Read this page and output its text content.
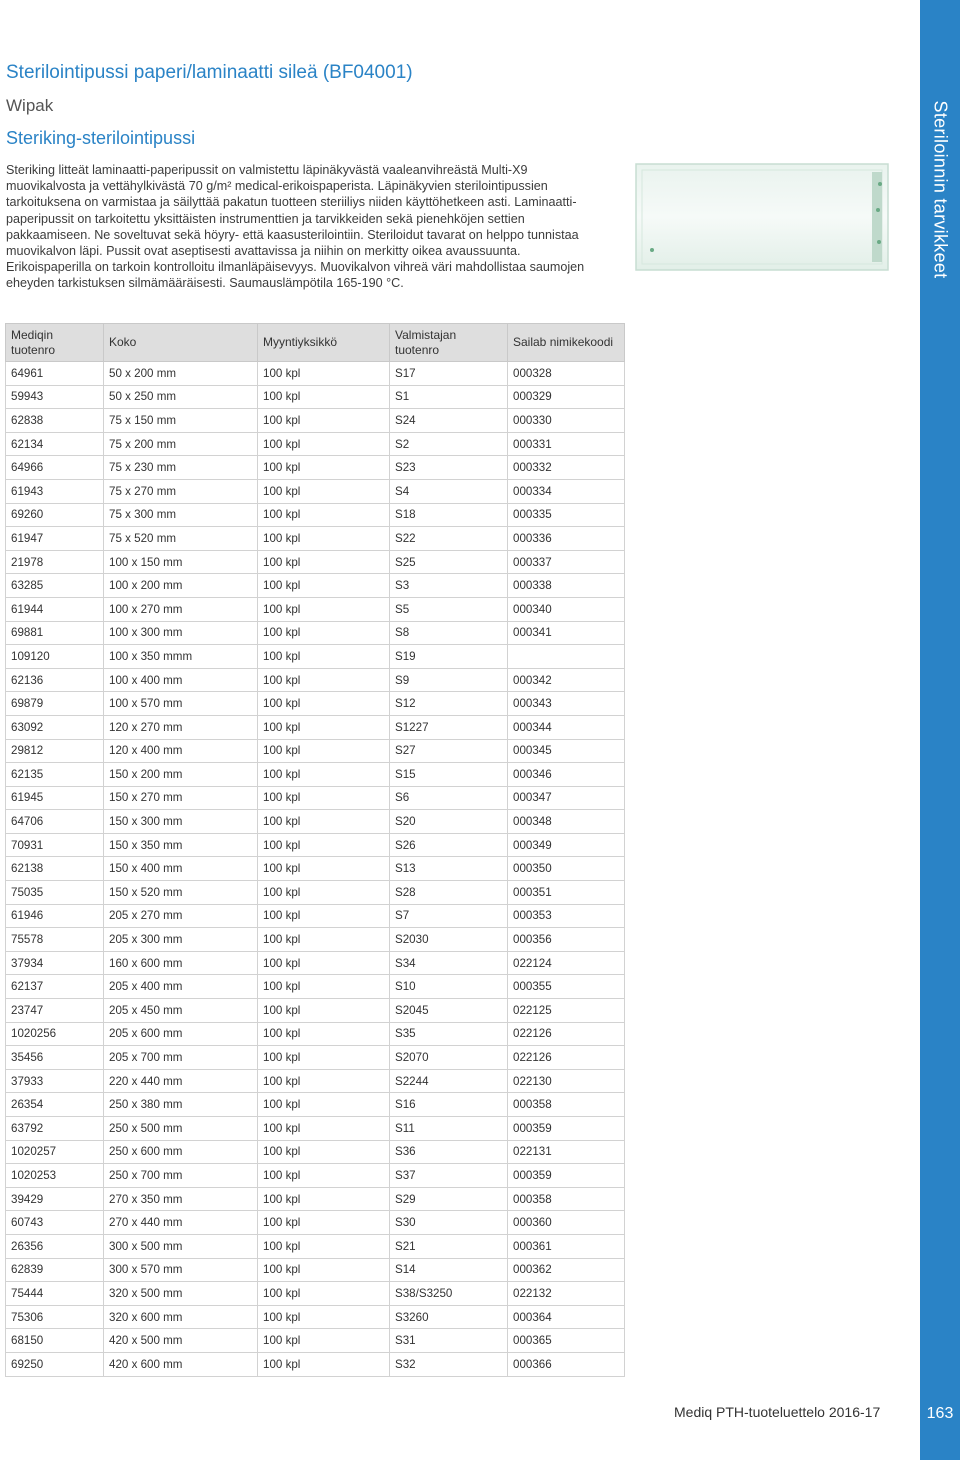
Steriloinnin tarvikkeet
Sterilointipussi paperi/laminaatti sileä (BF04001)
Wipak
Steriking-sterilointipussi

Steriking litteät laminaatti-paperipussit on valmistettu läpinäkyvästä vaaleanvihreästä Multi-X9 muovikalvosta ja vettähylkivästä 70 g/m² medical-erikoispaperista. Läpinäkyvien sterilointipussien tarkoituksena on varmistaa ja säilyttää pakatun tuotteen steriiliys niiden käyttöhetkeen asti. Laminaatti-paperipussit on tarkoitettu yksittäisten instrumenttien ja tarvikkeiden sekä pienehköjen settien pakkaamiseen. Ne soveltuvat sekä höyry- että kaasusterilointiin. Steriloidut tavarat on helppo tunnistaa muovikalvon läpi. Pussit ovat aseptisesti avattavissa ja niihin on merkitty oikea avaussuunta. Erikoispaperilla on tarkoin kontrolloitu ilmanläpäisevyys. Muovikalvon vihreä väri mahdollistaa saumojen eheyden tarkistuksen silmämääräisesti. Saumauslämpötila 165-190 °C.

Mediqin tuotenro	Koko	Myyntiyksikkö	Valmistajan tuotenro	Sailab nimikekoodi
64961	50 x 200 mm	100 kpl	S17	000328
59943	50 x 250 mm	100 kpl	S1	000329
62838	75 x 150 mm	100 kpl	S24	000330
62134	75 x 200 mm	100 kpl	S2	000331
64966	75 x 230 mm	100 kpl	S23	000332
61943	75 x 270 mm	100 kpl	S4	000334
69260	75 x 300 mm	100 kpl	S18	000335
61947	75 x 520 mm	100 kpl	S22	000336
21978	100 x 150 mm	100 kpl	S25	000337
63285	100 x 200 mm	100 kpl	S3	000338
61944	100 x 270 mm	100 kpl	S5	000340
69881	100 x 300 mm	100 kpl	S8	000341
109120	100 x 350 mmm	100 kpl	S19	
62136	100 x 400 mm	100 kpl	S9	000342
69879	100 x 570 mm	100 kpl	S12	000343
63092	120 x 270 mm	100 kpl	S1227	000344
29812	120 x 400 mm	100 kpl	S27	000345
62135	150 x 200 mm	100 kpl	S15	000346
61945	150 x 270 mm	100 kpl	S6	000347
64706	150 x 300 mm	100 kpl	S20	000348
70931	150 x 350 mm	100 kpl	S26	000349
62138	150 x 400 mm	100 kpl	S13	000350
75035	150 x 520 mm	100 kpl	S28	000351
61946	205 x 270 mm	100 kpl	S7	000353
75578	205 x 300 mm	100 kpl	S2030	000356
37934	160 x 600 mm	100 kpl	S34	022124
62137	205 x 400 mm	100 kpl	S10	000355
23747	205 x 450 mm	100 kpl	S2045	022125
1020256	205 x 600 mm	100 kpl	S35	022126
35456	205 x 700 mm	100 kpl	S2070	022126
37933	220 x 440 mm	100 kpl	S2244	022130
26354	250 x 380 mm	100 kpl	S16	000358
63792	250 x 500 mm	100 kpl	S11	000359
1020257	250 x 600 mm	100 kpl	S36	022131
1020253	250 x 700 mm	100 kpl	S37	000359
39429	270 x 350 mm	100 kpl	S29	000358
60743	270 x 440 mm	100 kpl	S30	000360
26356	300 x 500 mm	100 kpl	S21	000361
62839	300 x 570 mm	100 kpl	S14	000362
75444	320 x 500 mm	100 kpl	S38/S3250	022132
75306	320 x 600 mm	100 kpl	S3260	000364
68150	420 x 500 mm	100 kpl	S31	000365
69250	420 x 600 mm	100 kpl	S32	000366
Mediq PTH-tuoteluettelo 2016-17	163
